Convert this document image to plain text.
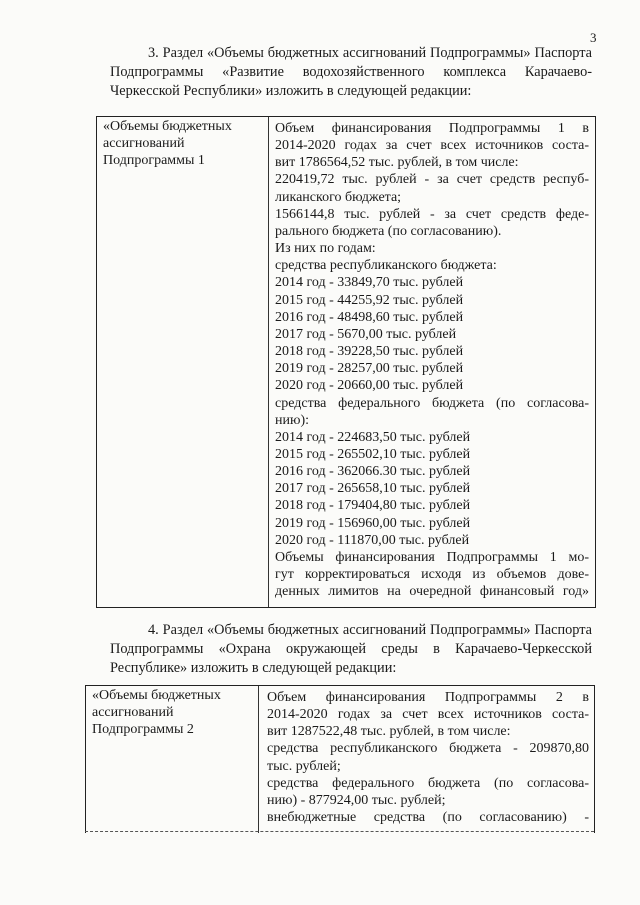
3
3. Раздел «Объемы бюджетных ассигнований Подпрограммы» Паспорта Подпрограммы «Развитие водохозяйственного комплекса Карачаево-Черкесской Республики» изложить в следующей редакции:
«Объемы бюджетных
ассигнований
Подпрограммы 1
Объем финансирования Подпрограммы 1 в
2014-2020 годах за счет всех источников соста-
вит 1786564,52 тыс. рублей, в том числе:
220419,72 тыс. рублей - за счет средств респуб-
ликанского бюджета;
1566144,8 тыс. рублей - за счет средств феде-
рального бюджета (по согласованию).
Из них по годам:
средства республиканского бюджета:
2014 год - 33849,70 тыс. рублей
2015 год - 44255,92 тыс. рублей
2016 год - 48498,60 тыс. рублей
2017 год - 5670,00 тыс. рублей
2018 год - 39228,50 тыс. рублей
2019 год - 28257,00 тыс. рублей
2020 год - 20660,00 тыс. рублей
средства федерального бюджета (по согласова-
нию):
2014 год - 224683,50 тыс. рублей
2015 год - 265502,10 тыс. рублей
2016 год - 362066.30 тыс. рублей
2017 год - 265658,10 тыс. рублей
2018 год - 179404,80 тыс. рублей
2019 год - 156960,00 тыс. рублей
2020 год - 111870,00 тыс. рублей
Объемы финансирования Подпрограммы 1 мо-
гут корректироваться исходя из объемов дове-
денных лимитов на очередной финансовый год»
4. Раздел «Объемы бюджетных ассигнований Подпрограммы» Паспорта Подпрограммы «Охрана окружающей среды в Карачаево-Черкесской Республике» изложить в следующей редакции:
«Объемы бюджетных
ассигнований
Подпрограммы 2
Объем финансирования Подпрограммы 2 в
2014-2020 годах за счет всех источников соста-
вит 1287522,48 тыс. рублей, в том числе:
средства республиканского бюджета - 209870,80
тыс. рублей;
средства федерального бюджета (по согласова-
нию) - 877924,00 тыс. рублей;
внебюджетные средства (по согласованию) -
